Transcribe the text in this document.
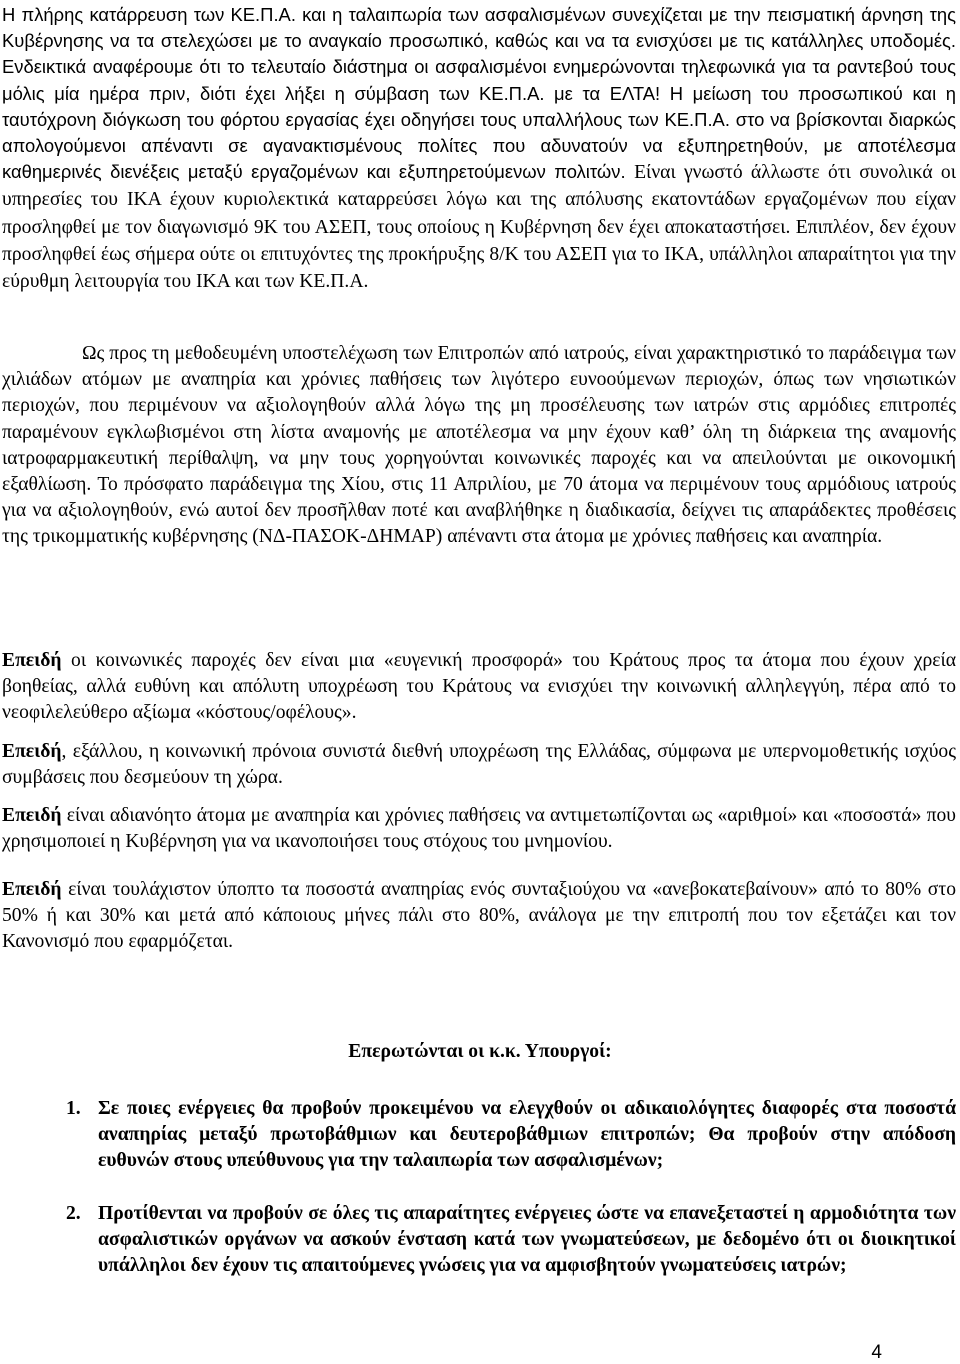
Η πλήρης κατάρρευση των ΚΕ.Π.Α. και η ταλαιπωρία των ασφαλισμένων συνεχίζεται με την πεισματική άρνηση της Κυβέρνησης να τα στελεχώσει με το αναγκαίο προσωπικό, καθώς και να τα ενισχύσει με τις κατάλληλες υποδομές. Ενδεικτικά αναφέρουμε ότι το τελευταίο διάστημα οι ασφαλισμένοι ενημερώνονται τηλεφωνικά για τα ραντεβού τους μόλις μία ημέρα πριν, διότι έχει λήξει η σύμβαση των ΚΕ.Π.Α. με τα ΕΛΤΑ! Η μείωση του προσωπικού και η ταυτόχρονη διόγκωση του φόρτου εργασίας έχει οδηγήσει τους υπαλλήλους των ΚΕ.Π.Α. στο να βρίσκονται διαρκώς απολογούμενοι απέναντι σε αγανακτισμένους πολίτες που αδυνατούν να εξυπηρετηθούν, με αποτέλεσμα καθημερινές διενέξεις μεταξύ εργαζομένων και εξυπηρετούμενων πολιτών. Είναι γνωστό άλλωστε ότι συνολικά οι υπηρεσίες του ΙΚΑ έχουν κυριολεκτικά καταρρεύσει λόγω και της απόλυσης εκατοντάδων εργαζομένων που είχαν προσληφθεί με τον διαγωνισμό 9Κ του ΑΣΕΠ, τους οποίους η Κυβέρνηση δεν έχει αποκαταστήσει. Επιπλέον, δεν έχουν προσληφθεί έως σήμερα ούτε οι επιτυχόντες της προκήρυξης 8/Κ του ΑΣΕΠ για το ΙΚΑ, υπάλληλοι απαραίτητοι για την εύρυθμη λειτουργία του ΙΚΑ και των ΚΕ.Π.Α.

Ως προς τη μεθοδευμένη υποστελέχωση των Επιτροπών από ιατρούς, είναι χαρακτηριστικό το παράδειγμα των χιλιάδων ατόμων με αναπηρία και χρόνιες παθήσεις των λιγότερο ευνοούμενων περιοχών, όπως των νησιωτικών περιοχών, που περιμένουν να αξιολογηθούν αλλά λόγω της μη προσέλευσης των ιατρών στις αρμόδιες επιτροπές παραμένουν εγκλωβισμένοι στη λίστα αναμονής με αποτέλεσμα να μην έχουν καθ’ όλη τη διάρκεια της αναμονής ιατροφαρμακευτική περίθαλψη, να μην τους χορηγούνται κοινωνικές παροχές και να απειλούνται με οικονομική εξαθλίωση. Το πρόσφατο παράδειγμα της Χίου, στις 11 Απριλίου, με 70 άτομα να περιμένουν τους αρμόδιους ιατρούς για να αξιολογηθούν, ενώ αυτοί δεν προσῆλθαν ποτέ και αναβλήθηκε η διαδικασία, δείχνει τις απαράδεκτες προθέσεις της τρικομματικής κυβέρνησης (ΝΔ-ΠΑΣΟΚ-ΔΗΜΑΡ) απέναντι στα άτομα με χρόνιες παθήσεις και αναπηρία.

Επειδή οι κοινωνικές παροχές δεν είναι μια «ευγενική προσφορά» του Κράτους προς τα άτομα που έχουν χρεία βοηθείας, αλλά ευθύνη και απόλυτη υποχρέωση του Κράτους να ενισχύει την κοινωνική αλληλεγγύη, πέρα από το νεοφιλελεύθερο αξίωμα «κόστους/οφέλους».

Επειδή, εξάλλου, η κοινωνική πρόνοια συνιστά διεθνή υποχρέωση της Ελλάδας, σύμφωνα με υπερνομοθετικής ισχύος συμβάσεις που δεσμεύουν τη χώρα.

Επειδή είναι αδιανόητο άτομα με αναπηρία και χρόνιες παθήσεις να αντιμετωπίζονται ως «αριθμοί» και «ποσοστά» που χρησιμοποιεί η Κυβέρνηση για να ικανοποιήσει τους στόχους του μνημονίου.

Επειδή είναι τουλάχιστον ύποπτο τα ποσοστά αναπηρίας ενός συνταξιούχου να «ανεβοκατεβαίνουν» από το 80% στο 50% ή και 30% και μετά από κάποιους μήνες πάλι στο 80%, ανάλογα με την επιτροπή που τον εξετάζει και τον Κανονισμό που εφαρμόζεται.

Επερωτώνται οι κ.κ. Υπουργοί:
1. Σε ποιες ενέργειες θα προβούν προκειμένου να ελεγχθούν οι αδικαιολόγητες διαφορές στα ποσοστά αναπηρίας μεταξύ πρωτοβάθμιων και δευτεροβάθμιων επιτροπών; Θα προβούν στην απόδοση ευθυνών στους υπεύθυνους για την ταλαιπωρία των ασφαλισμένων;
2. Προτίθενται να προβούν σε όλες τις απαραίτητες ενέργειες ώστε να επανεξεταστεί η αρμοδιότητα των ασφαλιστικών οργάνων να ασκούν ένσταση κατά των γνωματεύσεων, με δεδομένο ότι οι διοικητικοί υπάλληλοι δεν έχουν τις απαιτούμενες γνώσεις για να αμφισβητούν γνωματεύσεις ιατρών;
4
